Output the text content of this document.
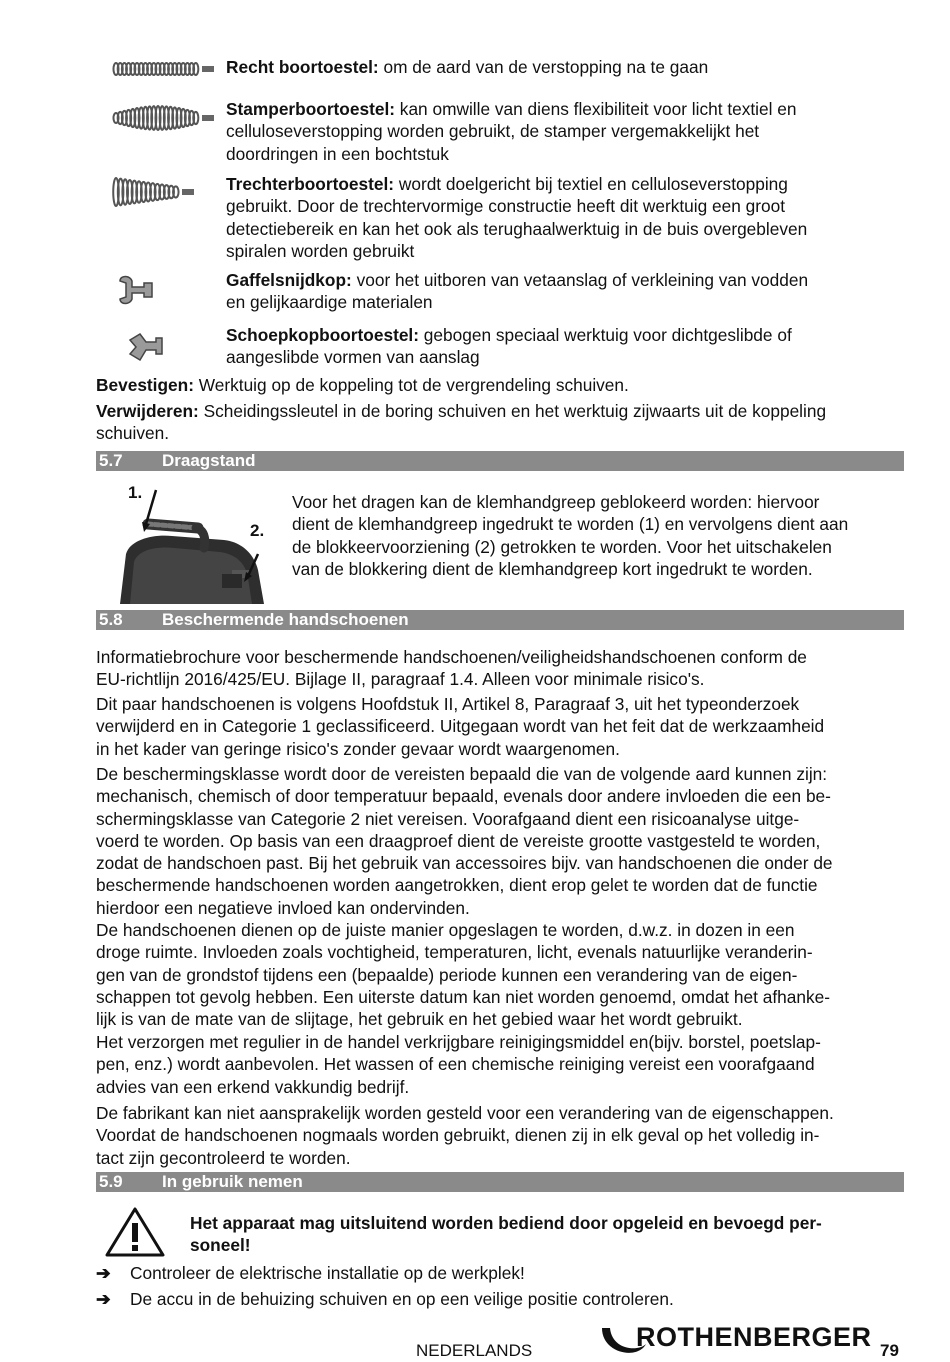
Recht boortoestel: om de aard van de verstopping na te gaan

Stamperboortoestel: kan omwille van diens flexibiliteit voor licht textiel en

celluloseverstopping worden gebruikt, de stamper vergemakkelijkt het

doordringen in een bochtstuk

Trechterboortoestel: wordt doelgericht bij textiel en celluloseverstopping

gebruikt. Door de trechtervormige constructie heeft dit werktuig een groot

detectiebereik en kan het ook als terughaalwerktuig in de buis overgebleven

spiralen worden gebruikt

Gaffelsnijdkop: voor het uitboren van vetaanslag of verkleining van vodden

en gelijkaardige materialen

Schoepkopboortoestel: gebogen speciaal werktuig voor dichtgeslibde of

aangeslibde vormen van aanslag

Bevestigen: Werktuig op de koppeling tot de vergrendeling schuiven.

Verwijderen: Scheidingssleutel in de boring schuiven en het werktuig zijwaarts uit de koppeling

schuiven.

5.7 Draagstand
1.
2.

Voor het dragen kan de klemhandgreep geblokeerd worden: hiervoor

dient de klemhandgreep ingedrukt te worden (1) en vervolgens dient aan

de blokkeervoorziening (2) getrokken te worden. Voor het uitschakelen

van de blokkering dient de klemhandgreep kort ingedrukt te worden.

5.8 Beschermende handschoenen

Informatiebrochure voor beschermende handschoenen/veiligheidshandschoenen conform de

EU-richtlijn 2016/425/EU. Bijlage II, paragraaf 1.4. Alleen voor minimale risico's.

Dit paar handschoenen is volgens Hoofdstuk II, Artikel 8, Paragraaf 3, uit het typeonderzoek

verwijderd en in Categorie 1 geclassificeerd. Uitgegaan wordt van het feit dat de werkzaamheid

in het kader van geringe risico's zonder gevaar wordt waargenomen.

De beschermingsklasse wordt door de vereisten bepaald die van de volgende aard kunnen zijn:

mechanisch, chemisch of door temperatuur bepaald, evenals door andere invloeden die een be-

schermingsklasse van Categorie 2 niet vereisen. Voorafgaand dient een risicoanalyse uitge-

voerd te worden. Op basis van een draagproef dient de vereiste grootte vastgesteld te worden,

zodat de handschoen past. Bij het gebruik van accessoires bijv. van handschoenen die onder de

beschermende handschoenen worden aangetrokken, dient erop gelet te worden dat de functie

hierdoor een negatieve invloed kan ondervinden.

De handschoenen dienen op de juiste manier opgeslagen te worden, d.w.z. in dozen in een

droge ruimte. Invloeden zoals vochtigheid, temperaturen, licht, evenals natuurlijke veranderin-

gen van de grondstof tijdens een (bepaalde) periode kunnen een verandering van de eigen-

schappen tot gevolg hebben. Een uiterste datum kan niet worden genoemd, omdat het afhanke-

lijk is van de mate van de slijtage, het gebruik en het gebied waar het wordt gebruikt.

Het verzorgen met regulier in de handel verkrijgbare reinigingsmiddel en(bijv. borstel, poetslap-

pen, enz.) wordt aanbevolen. Het wassen of een chemische reiniging vereist een voorafgaand

advies van een erkend vakkundig bedrijf.

De fabrikant kan niet aansprakelijk worden gesteld voor een verandering van de eigenschappen.

Voordat de handschoenen nogmaals worden gebruikt, dienen zij in elk geval op het volledig in-

tact zijn gecontroleerd te worden.

5.9 In gebruik nemen

Het apparaat mag uitsluitend worden bediend door opgeleid en bevoegd per-

soneel!

➔ Controleer de elektrische installatie op de werkplek!
➔ De accu in de behuizing schuiven en op een veilige positie controleren.
NEDERLANDS	ROTHENBERGER 79
